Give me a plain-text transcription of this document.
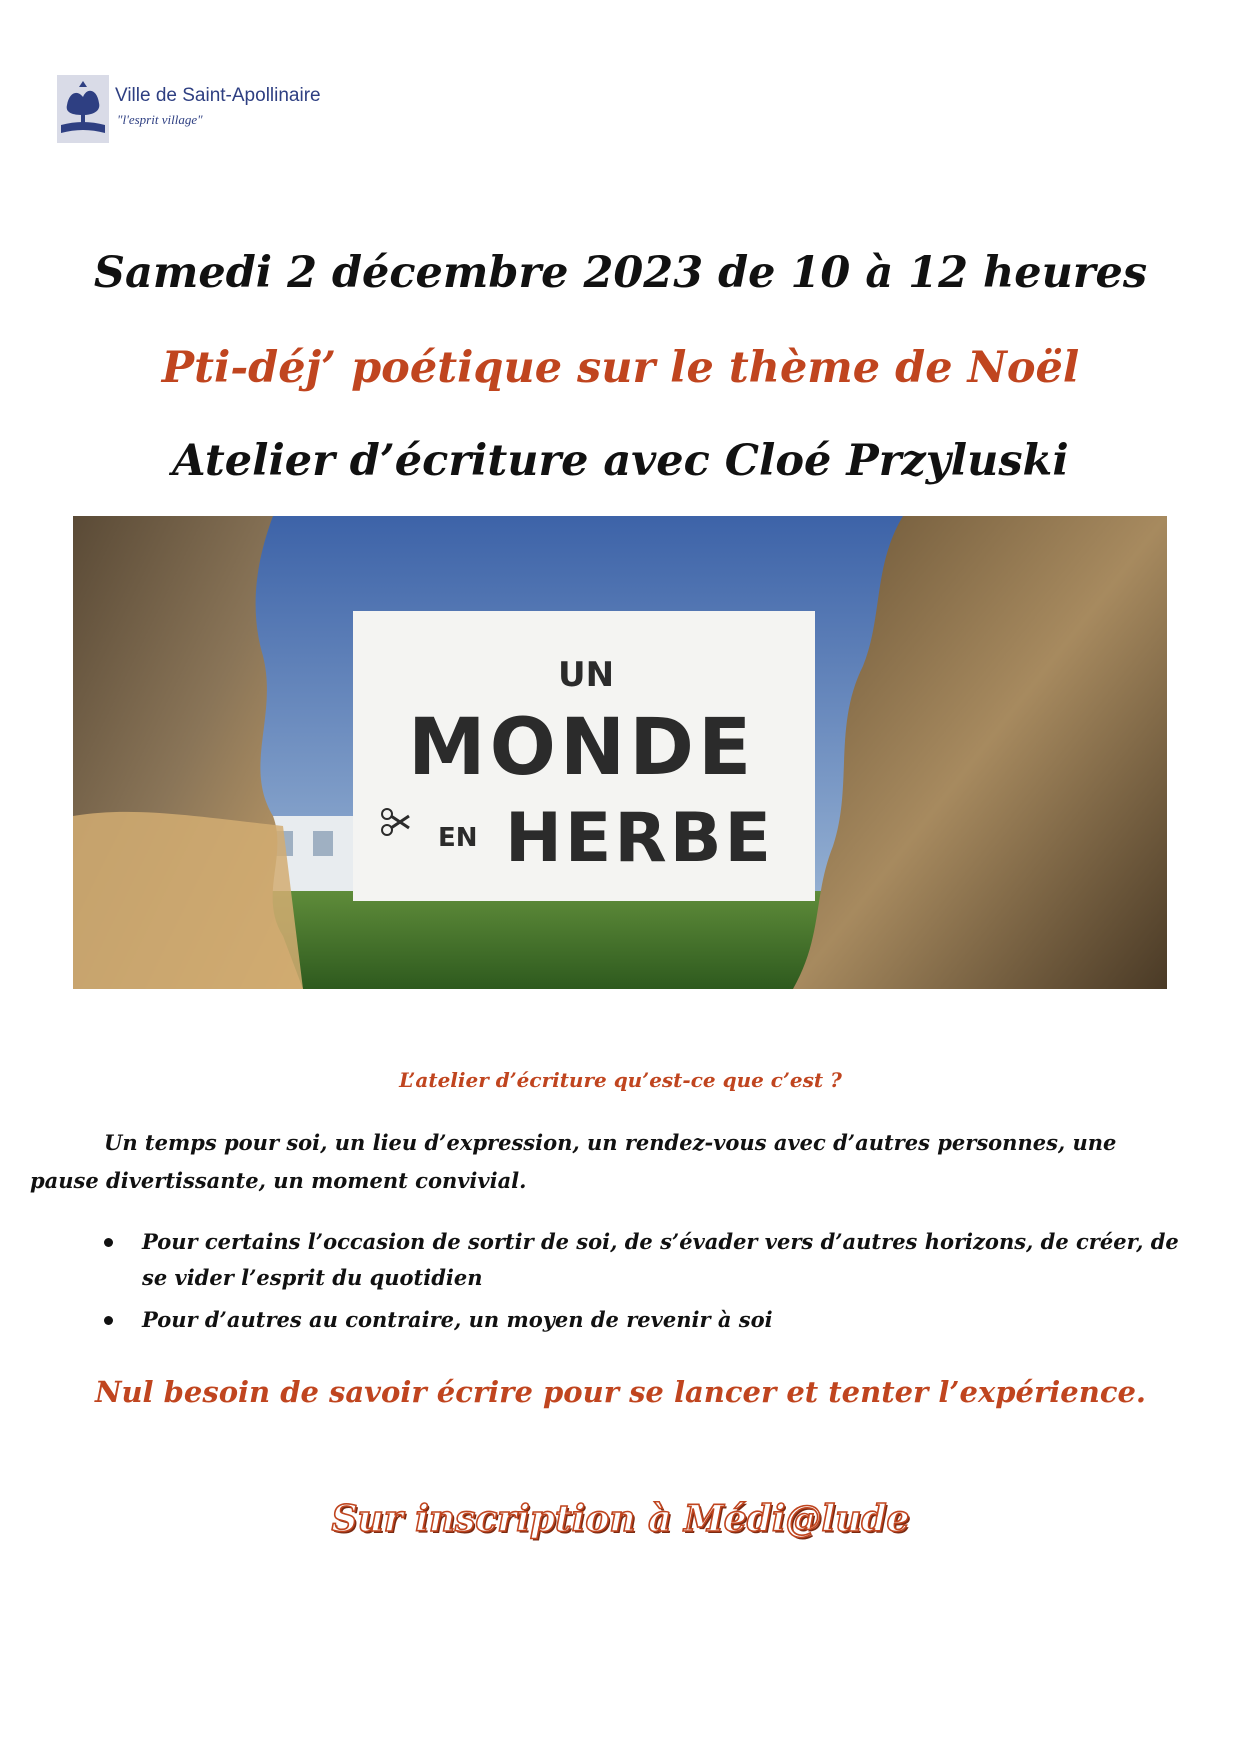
Ville de Saint-Apollinaire
"l'esprit village"
Samedi 2 décembre 2023 de 10 à 12 heures
Pti-déj’ poétique sur le thème de Noël
Atelier d’écriture avec Cloé Przyluski
UN
MONDE
EN HERBE
L’atelier d’écriture qu’est-ce que c’est ?
Un temps pour soi, un lieu d’expression, un rendez-vous avec d’autres personnes, une pause divertissante, un moment convivial.
Pour certains l’occasion de sortir de soi, de s’évader vers d’autres horizons, de créer, de se vider l’esprit du quotidien
Pour d’autres au contraire, un moyen de revenir à soi
Nul besoin de savoir écrire pour se lancer et tenter l’expérience.
Sur inscription à Médi@lude
